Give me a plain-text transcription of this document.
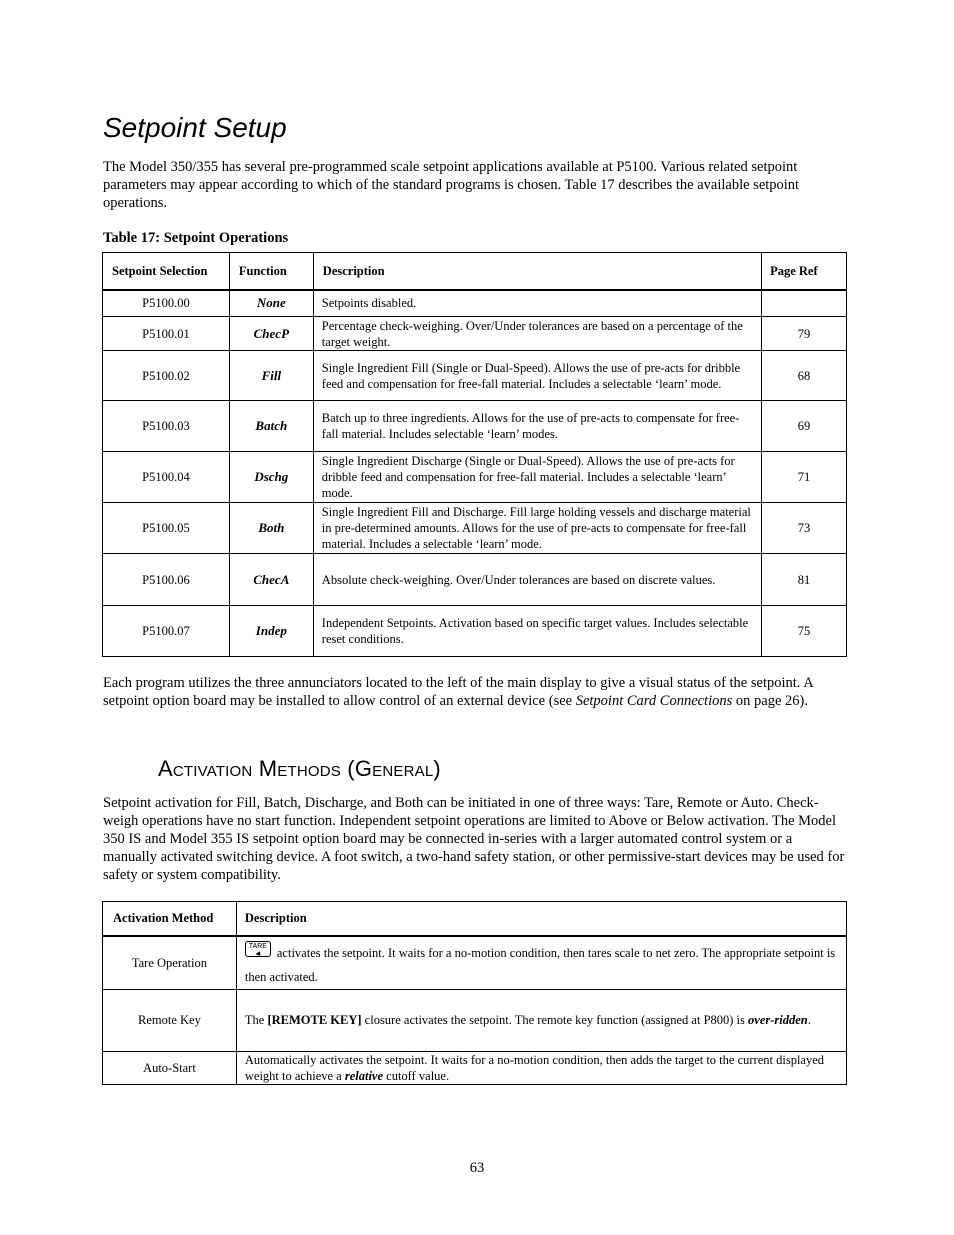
Setpoint Setup

The Model 350/355 has several pre-programmed scale setpoint applications available at P5100. Various related setpoint parameters may appear according to which of the standard programs is chosen. Table 17 describes the available setpoint operations.

Table 17: Setpoint Operations

Setpoint Selection	Function	Description	Page Ref
P5100.00	None	Setpoints disabled.	
P5100.01	ChecP	Percentage check-weighing. Over/Under tolerances are based on a percentage of the target weight.	79
P5100.02	Fill	Single Ingredient Fill (Single or Dual-Speed). Allows the use of pre-acts for dribble feed and compensation for free-fall material. Includes a selectable ‘learn’ mode.	68
P5100.03	Batch	Batch up to three ingredients. Allows for the use of pre-acts to compensate for free-fall material. Includes selectable ‘learn’ modes.	69
P5100.04	Dschg	Single Ingredient Discharge (Single or Dual-Speed). Allows the use of pre-acts for dribble feed and compensation for free-fall material. Includes a selectable ‘learn’ mode.	71
P5100.05	Both	Single Ingredient Fill and Discharge. Fill large holding vessels and discharge material in pre-determined amounts. Allows for the use of pre-acts to compensate for free-fall material. Includes a selectable ‘learn’ mode.	73
P5100.06	ChecA	Absolute check-weighing. Over/Under tolerances are based on discrete values.	81
P5100.07	Indep	Independent Setpoints. Activation based on specific target values. Includes selectable reset conditions.	75

Each program utilizes the three annunciators located to the left of the main display to give a visual status of the setpoint. A setpoint option board may be installed to allow control of an external device (see Setpoint Card Connections on page 26).

Activation Methods (General)

Setpoint activation for Fill, Batch, Discharge, and Both can be initiated in one of three ways: Tare, Remote or Auto. Check-weigh operations have no start function. Independent setpoint operations are limited to Above or Below activation. The Model 350 IS and Model 355 IS setpoint option board may be connected in-series with a larger automated control system or a manually activated switching device. A foot switch, a two-hand safety station, or other permissive-start devices may be used for safety or system compatibility.

Activation Method	Description
Tare Operation	TARE
◄ activates the setpoint. It waits for a no-motion condition, then tares scale to net zero. The appropriate setpoint is then activated.
Remote Key	The [REMOTE KEY] closure activates the setpoint. The remote key function (assigned at P800) is over-ridden.
Auto-Start	Automatically activates the setpoint. It waits for a no-motion condition, then adds the target to the current displayed weight to achieve a relative cutoff value.
63
